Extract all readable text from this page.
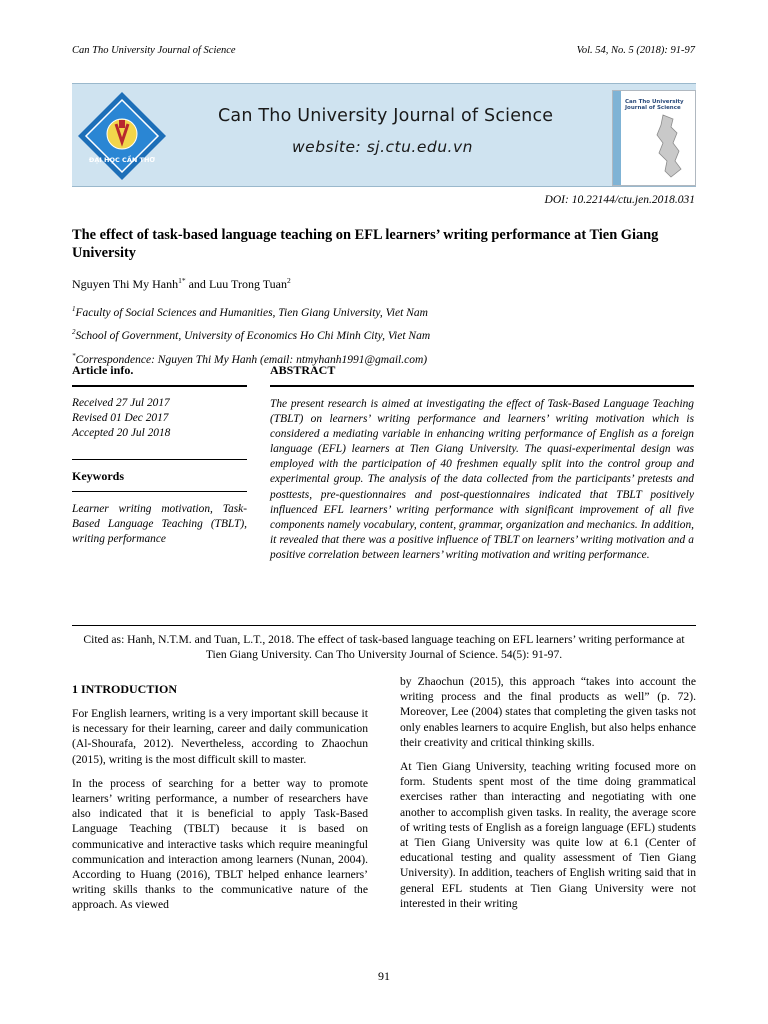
Can Tho University Journal of Science	Vol. 54, No. 5 (2018): 91-97
ĐẠI HỌC CẦN THƠ
Can Tho University Journal of Science
website: sj.ctu.edu.vn
Can Tho University Journal of Science
DOI: 10.22144/ctu.jen.2018.031
The effect of task-based language teaching on EFL learners’ writing performance at Tien Giang University
Nguyen Thi My Hanh$^{1*}$ and Luu Trong Tuan$^2$
$^1$Faculty of Social Sciences and Humanities, Tien Giang University, Viet Nam
$^2$School of Government, University of Economics Ho Chi Minh City, Viet Nam
*Correspondence: Nguyen Thi My Hanh (email: ntmyhanh1991@gmail.com)
Article info.
Received 27 Jul 2017
Revised 01 Dec 2017
Accepted 20 Jul 2018
Keywords
Learner writing motivation, Task-Based Language Teaching (TBLT), writing performance
ABSTRACT
The present research is aimed at investigating the effect of Task-Based Language Teaching (TBLT) on learners’ writing performance and learners’ writing motivation which is considered a mediating variable in enhancing writing performance of English as a foreign language (EFL) learners at Tien Giang University. The quasi-experimental design was employed with the participation of 40 freshmen equally split into the control group and experimental group. The analysis of the data collected from the participants’ pretests and posttests, pre-questionnaires and post-questionnaires indicated that TBLT positively influenced EFL learners’ writing performance with significant improvement of all five components namely vocabulary, content, grammar, organization and mechanics. In addition, it revealed that there was a positive influence of TBLT on learners’ writing motivation and a positive correlation between learners’ writing motivation and writing performance.
Cited as: Hanh, N.T.M. and Tuan, L.T., 2018. The effect of task-based language teaching on EFL learners’ writing performance at Tien Giang University. Can Tho University Journal of Science. 54(5): 91-97.
1 INTRODUCTION

For English learners, writing is a very important skill because it is necessary for their learning, career and daily communication (Al-Shourafa, 2012). Nevertheless, according to Zhaochun (2015), writing is the most difficult skill to master.

In the process of searching for a better way to promote learners’ writing performance, a number of researchers have also indicated that it is beneficial to apply Task-Based Language Teaching (TBLT) because it is based on communicative and interactive tasks which require meaningful communication and interaction among learners (Nunan, 2004). According to Huang (2016), TBLT helped enhance learners’ writing skills thanks to the communicative nature of the approach. As viewed

by Zhaochun (2015), this approach “takes into account the writing process and the final products as well” (p. 72). Moreover, Lee (2004) states that completing the given tasks not only enables learners to acquire English, but also helps enhance their creativity and critical thinking skills.

At Tien Giang University, teaching writing focused more on form. Students spent most of the time doing grammatical exercises rather than interacting and negotiating with one another to accomplish given tasks. In reality, the average score of writing tests of English as a foreign language (EFL) students at Tien Giang University was quite low at 6.1 (Center of educational testing and quality assessment of Tien Giang University). In addition, teachers of English writing said that in general EFL students at Tien Giang University were not interested in their writing

91
